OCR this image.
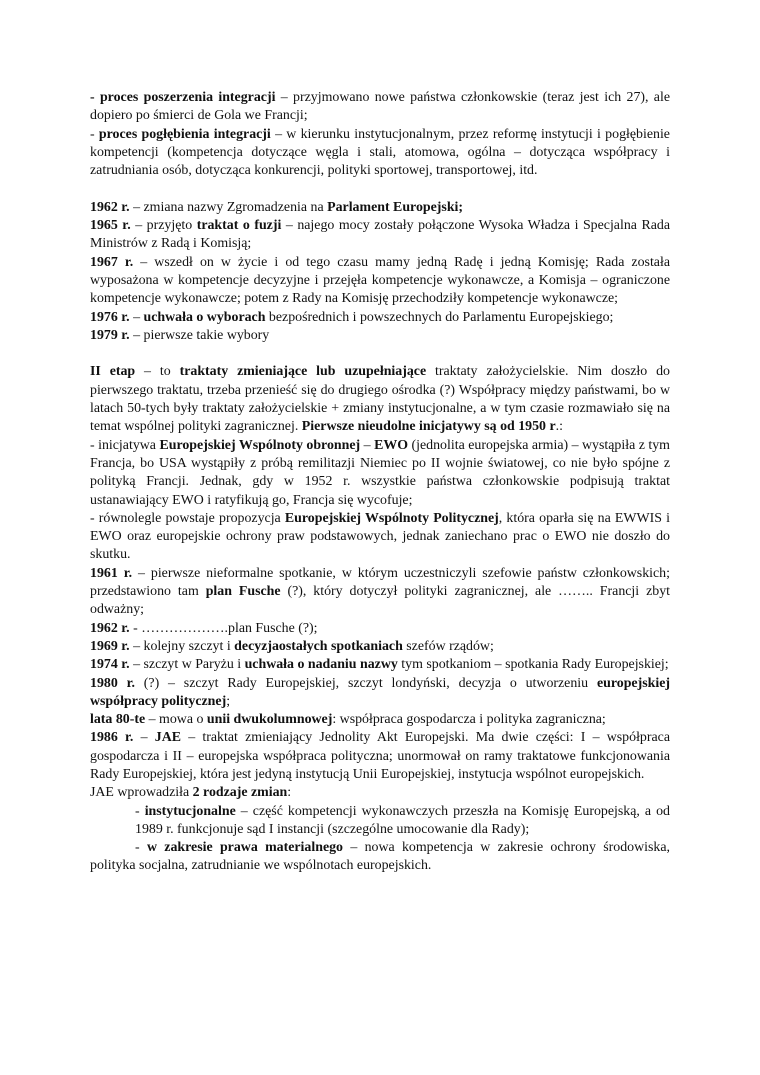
- proces poszerzenia integracji – przyjmowano nowe państwa członkowskie (teraz jest ich 27), ale dopiero po śmierci de Gola we Francji;

- proces pogłębienia integracji – w kierunku instytucjonalnym, przez reformę instytucji i pogłębienie kompetencji (kompetencja dotyczące węgla i stali, atomowa, ogólna – dotycząca współpracy i zatrudniania osób, dotycząca konkurencji, polityki sportowej, transportowej, itd.

1962 r. – zmiana nazwy Zgromadzenia na Parlament Europejski;

1965 r. – przyjęto traktat o fuzji – najego mocy zostały połączone Wysoka Władza i Specjalna Rada Ministrów z Radą i Komisją;

1967 r. – wszedł on w życie i od tego czasu mamy jedną Radę i jedną Komisję; Rada została wyposażona w kompetencje decyzyjne i przejęła kompetencje wykonawcze, a Komisja – ograniczone kompetencje wykonawcze; potem z Rady na Komisję przechodziły kompetencje wykonawcze;

1976 r. – uchwała o wyborach bezpośrednich i powszechnych do Parlamentu Europejskiego;

1979 r. – pierwsze takie wybory

II etap – to traktaty zmieniające lub uzupełniające traktaty założycielskie. Nim doszło do pierwszego traktatu, trzeba przenieść się do drugiego ośrodka (?) Współpracy między państwami, bo w latach 50-tych były traktaty założycielskie + zmiany instytucjonalne, a w tym czasie rozmawiało się na temat wspólnej polityki zagranicznej. Pierwsze nieudolne inicjatywy są od 1950 r.:

- inicjatywa Europejskiej Wspólnoty obronnej – EWO (jednolita europejska armia) – wystąpiła z tym Francja, bo USA wystąpiły z próbą remilitazji Niemiec po II wojnie światowej, co nie było spójne z polityką Francji. Jednak, gdy w 1952 r. wszystkie państwa członkowskie podpisują traktat ustanawiający EWO i ratyfikują go, Francja się wycofuje;

- równolegle powstaje propozycja Europejskiej Wspólnoty Politycznej, która oparła się na EWWIS i EWO oraz europejskie ochrony praw podstawowych, jednak zaniechano prac o EWO nie doszło do skutku.

1961 r. – pierwsze nieformalne spotkanie, w którym uczestniczyli szefowie państw członkowskich; przedstawiono tam plan Fusche (?), który dotyczył polityki zagranicznej, ale …….. Francji zbyt odważny;

1962 r. - ……………….plan Fusche (?);

1969 r. – kolejny szczyt i decyzjaostałych spotkaniach szefów rządów;

1974 r. – szczyt w Paryżu i uchwała o nadaniu nazwy tym spotkaniom – spotkania Rady Europejskiej;

1980 r. (?) – szczyt Rady Europejskiej, szczyt londyński, decyzja o utworzeniu europejskiej współpracy politycznej;

lata 80-te – mowa o unii dwukolumnowej: współpraca gospodarcza i polityka zagraniczna;

1986 r. – JAE – traktat zmieniający Jednolity Akt Europejski. Ma dwie części: I – współpraca gospodarcza i II – europejska współpraca polityczna; unormował on ramy traktatowe funkcjonowania Rady Europejskiej, która jest jedyną instytucją Unii Europejskiej, instytucja wspólnot europejskich.

JAE wprowadziła 2 rodzaje zmian:

- instytucjonalne – część kompetencji wykonawczych przeszła na Komisję Europejską, a od 1989 r. funkcjonuje sąd I instancji (szczególne umocowanie dla Rady);

- w zakresie prawa materialnego – nowa kompetencja w zakresie ochrony środowiska, polityka socjalna, zatrudnianie we wspólnotach europejskich.
